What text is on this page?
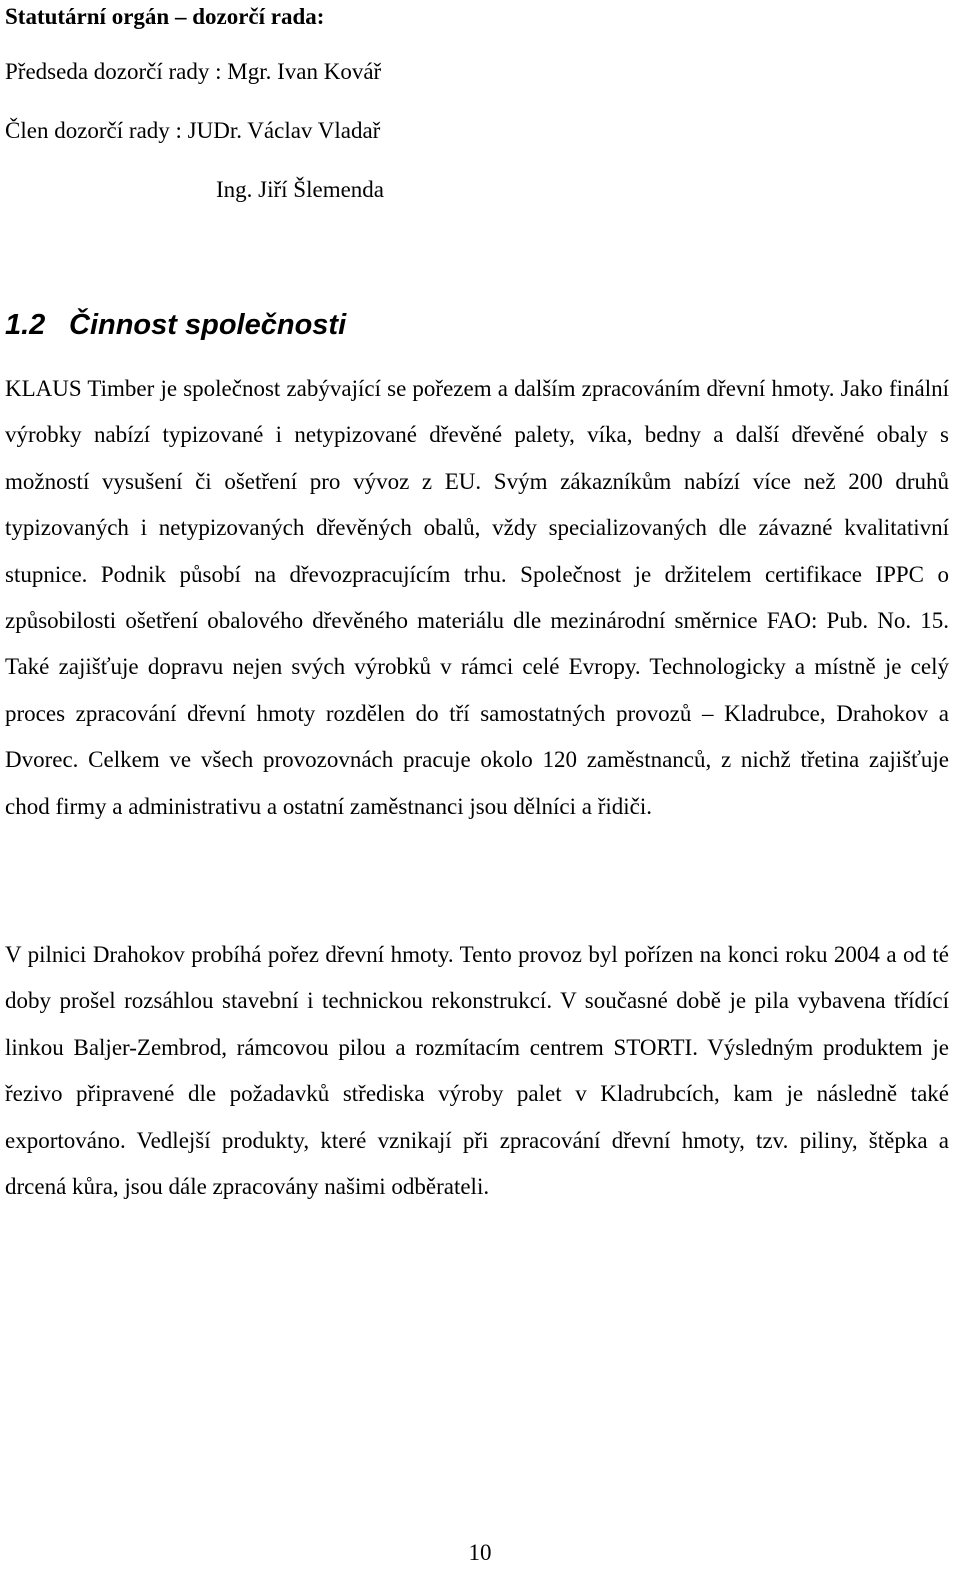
Statutární orgán – dozorčí rada:

Předseda dozorčí rady : Mgr. Ivan Kovář

Člen dozorčí rady : JUDr. Václav Vladař

Ing. Jiří Šlemenda

1.2 Činnost společnosti

KLAUS Timber je společnost zabývající se pořezem a dalším zpracováním dřevní hmoty. Jako finální výrobky nabízí typizované i netypizované dřevěné palety, víka, bedny a další dřevěné obaly s možností vysušení či ošetření pro vývoz z EU. Svým zákazníkům nabízí více než 200 druhů typizovaných i netypizovaných dřevěných obalů, vždy specializovaných dle závazné kvalitativní stupnice. Podnik působí na dřevozpracujícím trhu. Společnost je držitelem certifikace IPPC o způsobilosti ošetření obalového dřevěného materiálu dle mezinárodní směrnice FAO: Pub. No. 15. Také zajišťuje dopravu nejen svých výrobků v rámci celé Evropy. Technologicky a místně je celý proces zpracování dřevní hmoty rozdělen do tří samostatných provozů – Kladrubce, Drahokov a Dvorec. Celkem ve všech provozovnách pracuje okolo 120 zaměstnanců, z nichž třetina zajišťuje chod firmy a administrativu a ostatní zaměstnanci jsou dělníci a řidiči.

V pilnici Drahokov probíhá pořez dřevní hmoty. Tento provoz byl pořízen na konci roku 2004 a od té doby prošel rozsáhlou stavební i technickou rekonstrukcí. V současné době je pila vybavena třídící linkou Baljer-Zembrod, rámcovou pilou a rozmítacím centrem STORTI. Výsledným produktem je řezivo připravené dle požadavků střediska výroby palet v Kladrubcích, kam je následně také exportováno. Vedlejší produkty, které vznikají při zpracování dřevní hmoty, tzv. piliny, štěpka a drcená kůra, jsou dále zpracovány našimi odběrateli.

10
